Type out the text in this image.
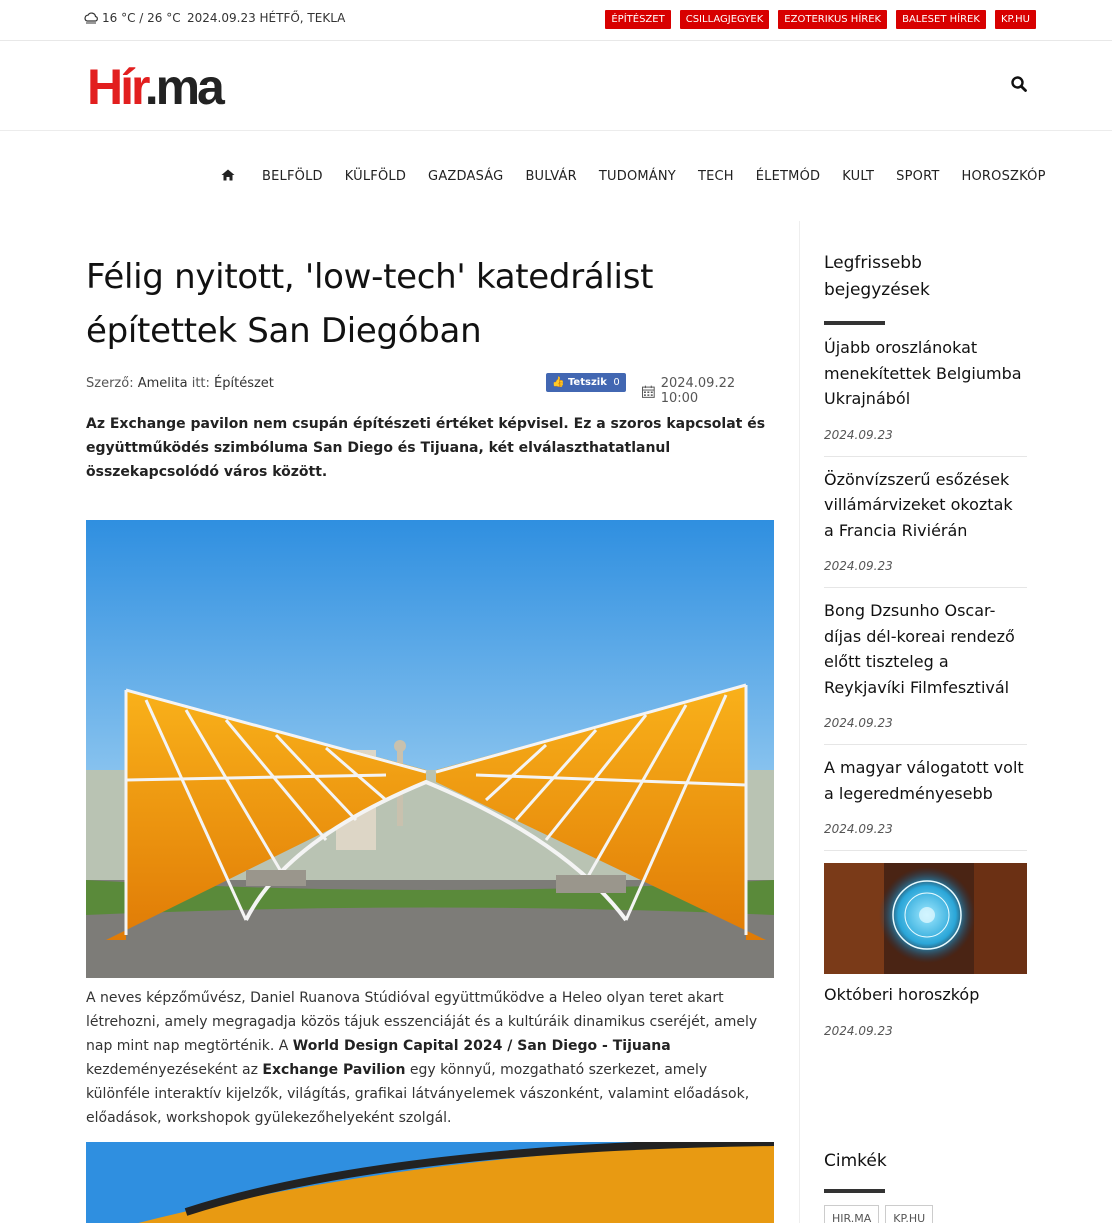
16 °C / 26 °C 2024.09.23 HÉTFŐ, TEKLA	ÉPÍTÉSZET	CSILLAGJEGYEK	EZOTERIKUS HÍREK	BALESET HÍREK	KP.HU
Hír.ma
BELFÖLD KÜLFÖLD GAZDASÁG BULVÁR TUDOMÁNY TECH ÉLETMÓD KULT SPORT HOROSZKÓP
Félig nyitott, 'low-tech' katedrálist építettek San Diegóban
Szerző: Amelita itt: Építészet	👍 Tetszik 0	2024.09.22 10:00

Az Exchange pavilon nem csupán építészeti értéket képvisel. Ez a szoros kapcsolat és együttműködés szimbóluma San Diego és Tijuana, két elválaszthatatlanul összekapcsolódó város között.

A neves képzőművész, Daniel Ruanova Stúdióval együttműködve a Heleo olyan teret akart létrehozni, amely megragadja közös tájuk esszenciáját és a kultúráik dinamikus cseréjét, amely nap mint nap megtörténik. A World Design Capital 2024 / San Diego - Tijuana kezdeményezéseként az Exchange Pavilion egy könnyű, mozgatható szerkezet, amely különféle interaktív kijelzők, világítás, grafikai látványelemek vászonként, valamint előadások, előadások, workshopok gyülekezőhelyeként szolgál.

Legfrissebb bejegyzések
Újabb oroszlánokat menekítettek Belgiumba Ukrajnából
2024.09.23
Özönvízszerű esőzések villámárvizeket okoztak a Francia Riviérán
2024.09.23
Bong Dzsunho Oscar-díjas dél-koreai rendező előtt tiszteleg a Reykjavíki Filmfesztivál
2024.09.23
A magyar válogatott volt a legeredményesebb
2024.09.23
Októberi horoszkóp
2024.09.23
Cimkék
HIR.MA	KP.HU
